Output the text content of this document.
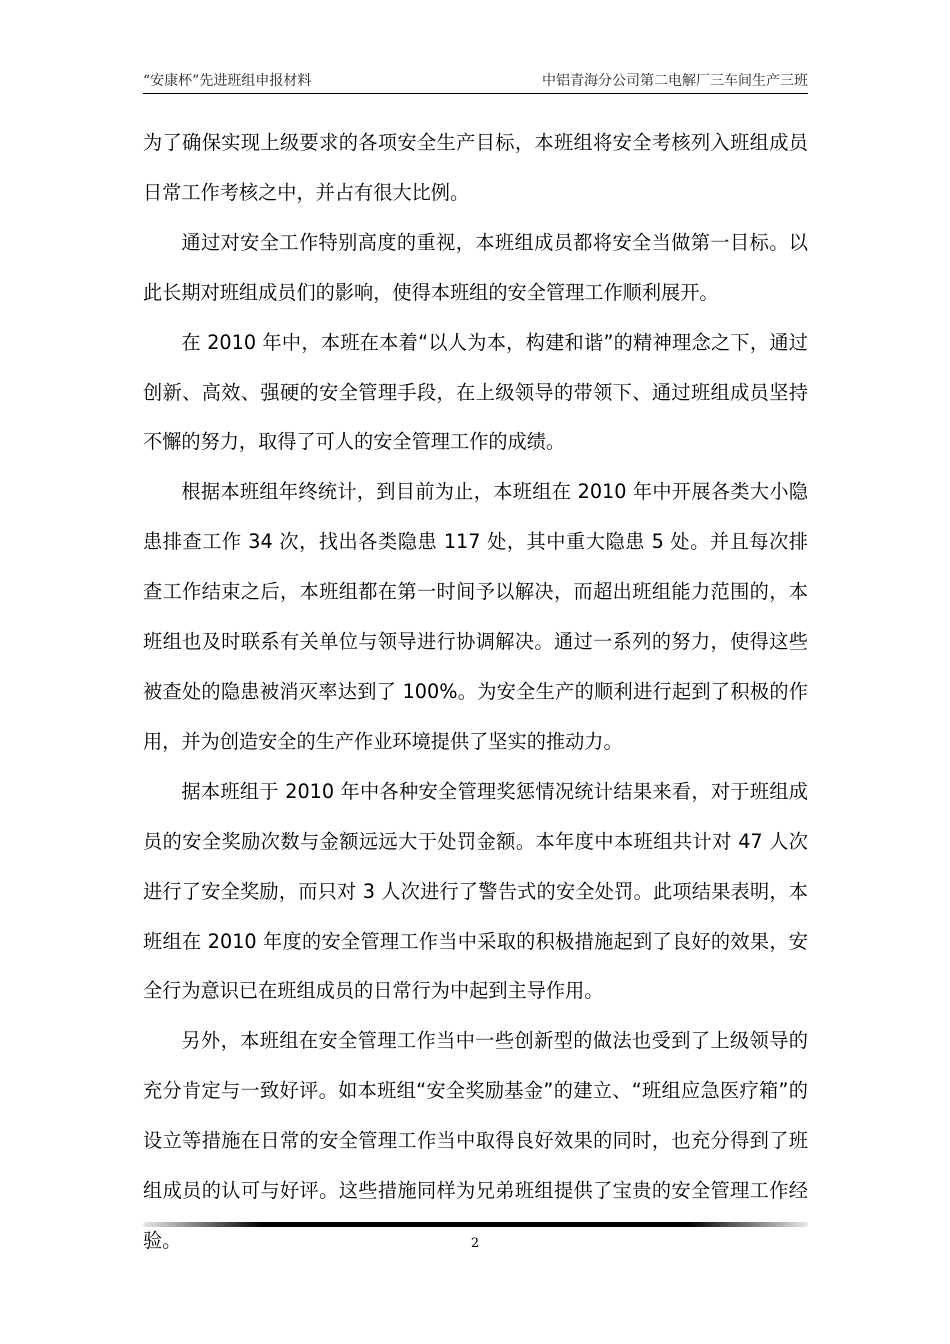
“安康杯”先进班组申报材料	中铝青海分公司第二电解厂三车间生产三班

为了确保实现上级要求的各项安全生产目标，本班组将安全考核列入班组成员日常工作考核之中，并占有很大比例。

通过对安全工作特别高度的重视，本班组成员都将安全当做第一目标。以此长期对班组成员们的影响，使得本班组的安全管理工作顺利展开。

在 2010 年中，本班在本着“以人为本，构建和谐”的精神理念之下，通过创新、高效、强硬的安全管理手段，在上级领导的带领下、通过班组成员坚持不懈的努力，取得了可人的安全管理工作的成绩。

根据本班组年终统计，到目前为止，本班组在 2010 年中开展各类大小隐患排查工作 34 次，找出各类隐患 117 处，其中重大隐患 5 处。并且每次排查工作结束之后，本班组都在第一时间予以解决，而超出班组能力范围的，本班组也及时联系有关单位与领导进行协调解决。通过一系列的努力，使得这些被查处的隐患被消灭率达到了 100%。为安全生产的顺利进行起到了积极的作用，并为创造安全的生产作业环境提供了坚实的推动力。

据本班组于 2010 年中各种安全管理奖惩情况统计结果来看，对于班组成员的安全奖励次数与金额远远大于处罚金额。本年度中本班组共计对 47 人次进行了安全奖励，而只对 3 人次进行了警告式的安全处罚。此项结果表明，本班组在 2010 年度的安全管理工作当中采取的积极措施起到了良好的效果，安全行为意识已在班组成员的日常行为中起到主导作用。

另外，本班组在安全管理工作当中一些创新型的做法也受到了上级领导的充分肯定与一致好评。如本班组“安全奖励基金”的建立、“班组应急医疗箱”的设立等措施在日常的安全管理工作当中取得良好效果的同时，也充分得到了班组成员的认可与好评。这些措施同样为兄弟班组提供了宝贵的安全管理工作经验。	2
